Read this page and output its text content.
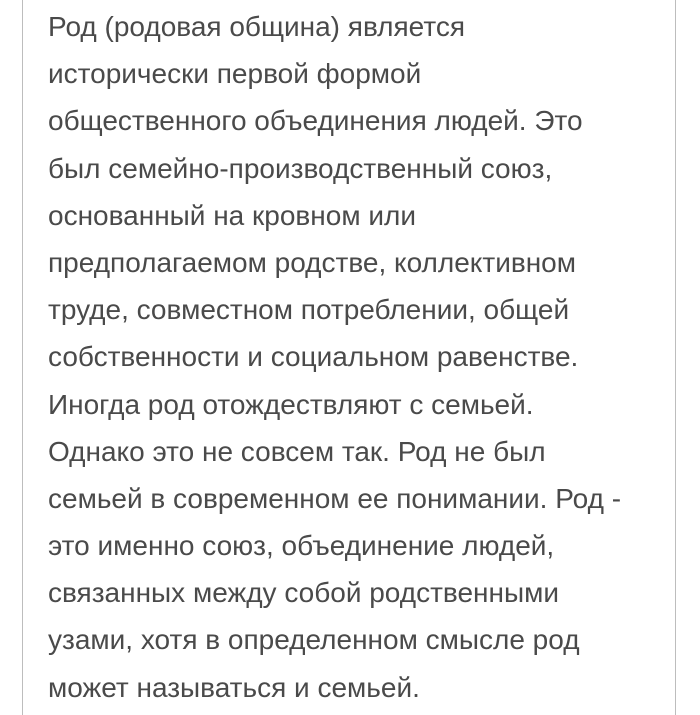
Род (родовая община) является
исторически первой формой
общественного объединения людей. Это
был семейно-производственный союз,
основанный на кровном или
предполагаемом родстве, коллективном
труде, совместном потреблении, общей
собственности и социальном равенстве.
Иногда род отождествляют с семьей.
Однако это не совсем так. Род не был
семьей в современном ее понимании. Род -
это именно союз, объединение людей,
связанных между собой родственными
узами, хотя в определенном смысле род
может называться и семьей.
